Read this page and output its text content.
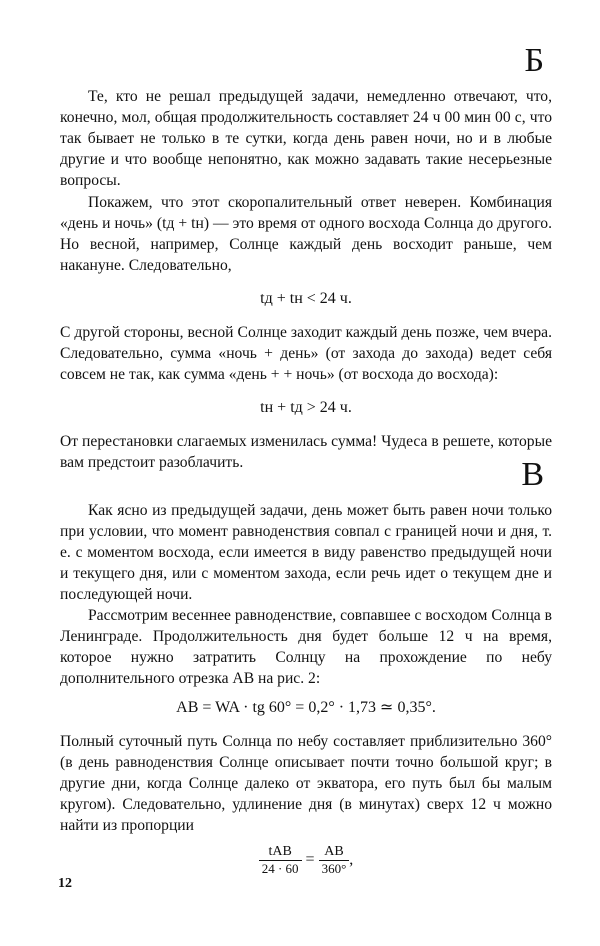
Б

Те, кто не решал предыдущей задачи, немедленно отвечают, что, конечно, мол, общая продолжительность составляет 24 ч 00 мин 00 с, что так бывает не только в те сутки, когда день равен ночи, но и в любые другие и что вообще непонятно, как можно задавать такие несерьезные вопросы.

Покажем, что этот скоропалительный ответ неверен. Комбинация «день и ночь» (tд + tн) — это время от одного восхода Солнца до другого. Но весной, например, Солнце каждый день восходит раньше, чем накануне. Следовательно,

tд + tн < 24 ч.

С другой стороны, весной Солнце заходит каждый день позже, чем вчера. Следовательно, сумма «ночь + день» (от захода до захода) ведет себя совсем не так, как сумма «день + + ночь» (от восхода до восхода):

tн + tд > 24 ч.

От перестановки слагаемых изменилась сумма! Чудеса в решете, которые вам предстоит разоблачить.	В

Как ясно из предыдущей задачи, день может быть равен ночи только при условии, что момент равноденствия совпал с границей ночи и дня, т. е. с моментом восхода, если имеется в виду равенство предыдущей ночи и текущего дня, или с моментом захода, если речь идет о текущем дне и последующей ночи.

Рассмотрим весеннее равноденствие, совпавшее с восходом Солнца в Ленинграде. Продолжительность дня будет больше 12 ч на время, которое нужно затратить Солнцу на прохождение по небу дополнительного отрезка AB на рис. 2:

AB = WA · tg 60° = 0,2° · 1,73 ≃ 0,35°.

Полный суточный путь Солнца по небу составляет приблизительно 360° (в день равноденствия Солнце описывает почти точно большой круг; в другие дни, когда Солнце далеко от экватора, его путь был бы малым кругом). Следовательно, удлинение дня (в минутах) сверх 12 ч можно найти из пропорции

$\frac{\text{tAB}}{24 \cdot 60} = \frac{AB}{360^\circ}$ ,
12
